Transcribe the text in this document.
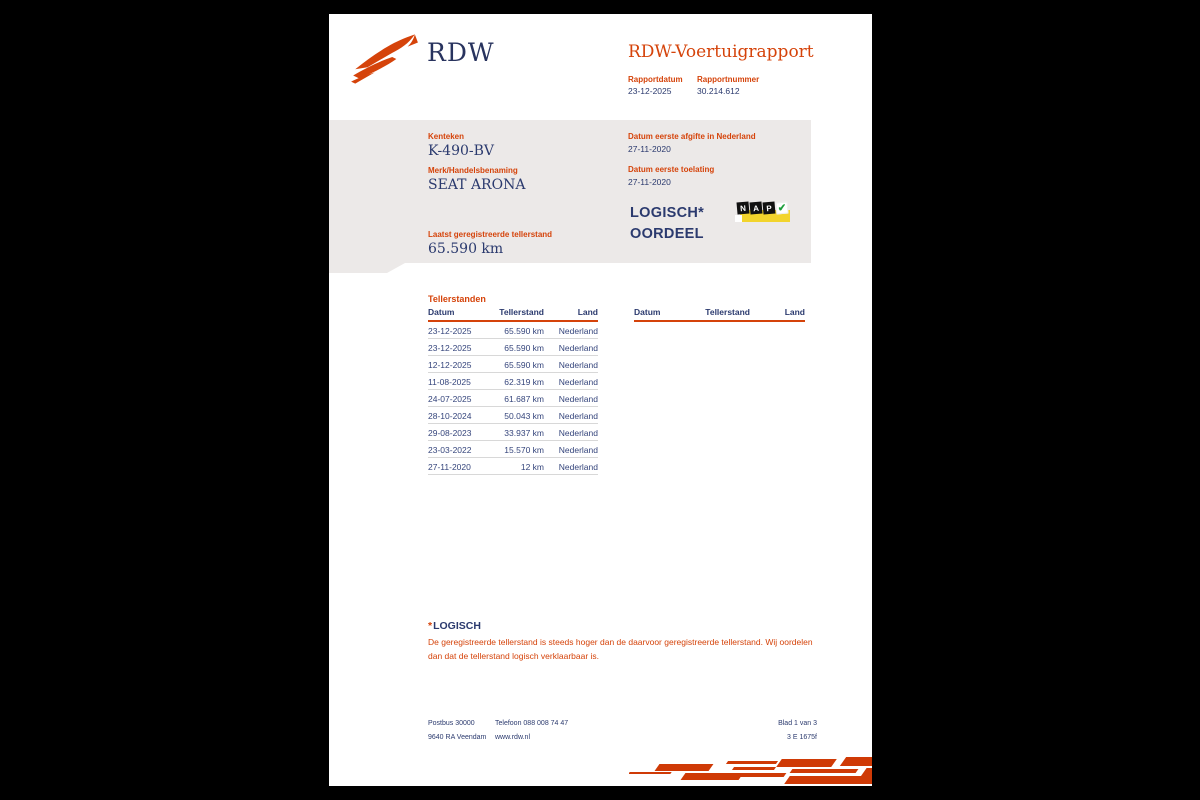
RDW	RDW-Voertuigrapport
Rapportdatum Rapportnummer
23-12-2025	30.214.612
Kenteken
K-490-BV
Merk/Handelsbenaming
SEAT ARONA
Laatst geregistreerde tellerstand
65.590 km
Datum eerste afgifte in Nederland
27-11-2020
Datum eerste toelating
27-11-2020
LOGISCH*
OORDEEL
N A P ✔
Tellerstanden
Datum	Tellerstand	Land
23-12-2025	65.590 km	Nederland
23-12-2025	65.590 km	Nederland
12-12-2025	65.590 km	Nederland
11-08-2025	62.319 km	Nederland
24-07-2025	61.687 km	Nederland
28-10-2024	50.043 km	Nederland
29-08-2023	33.937 km	Nederland
23-03-2022	15.570 km	Nederland
27-11-2020	12 km	Nederland
Datum	Tellerstand	Land
*LOGISCH
De geregistreerde tellerstand is steeds hoger dan de daarvoor geregistreerde tellerstand. Wij oordelen dan dat de tellerstand logisch verklaarbaar is.
Postbus 30000
9640 RA Veendam
Telefoon 088 008 74 47
www.rdw.nl
Blad 1 van 3
3 E 1675f
